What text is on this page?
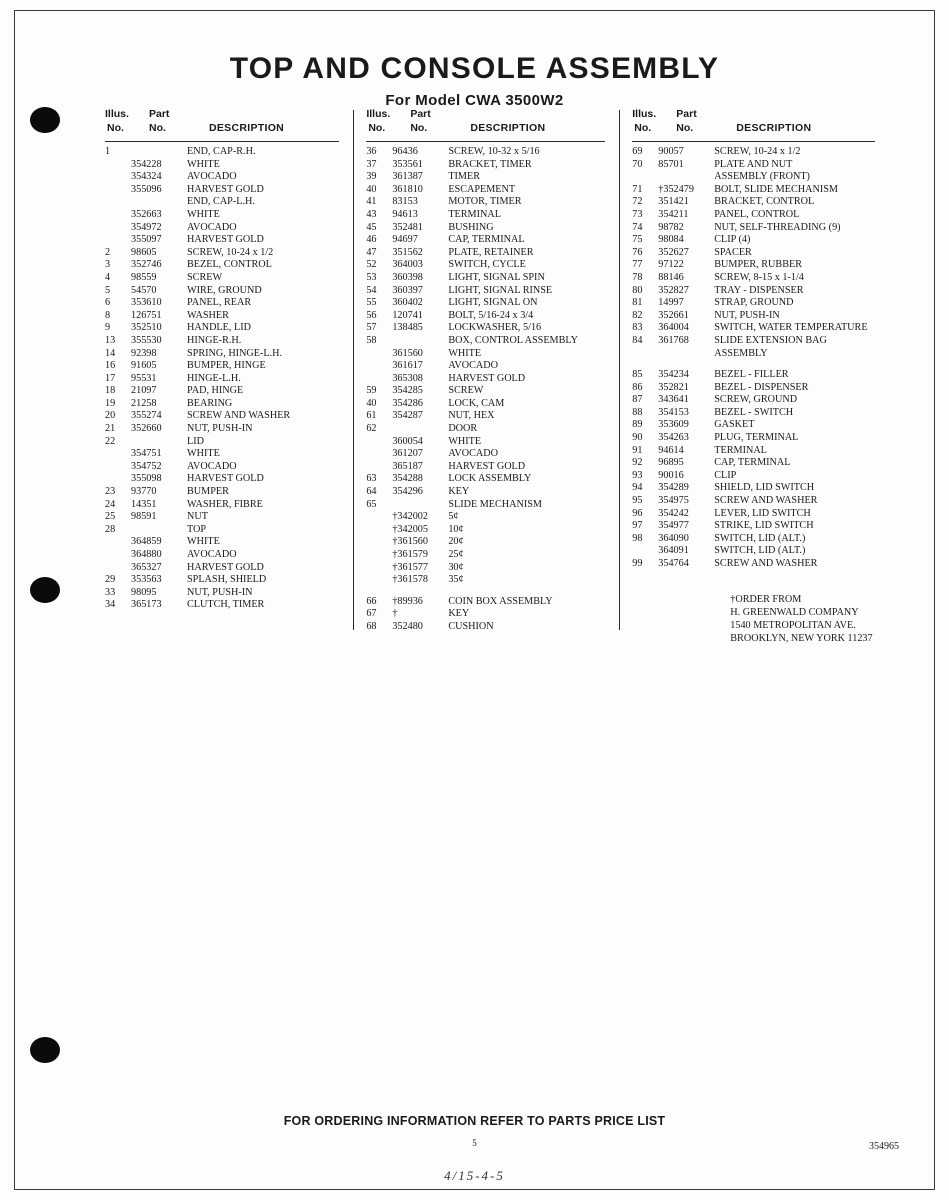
TOP AND CONSOLE ASSEMBLY
For Model CWA 3500W2
Illus. Part
No. No.	DESCRIPTION
1		END, CAP-R.H.
	354228	WHITE
	354324	AVOCADO
	355096	HARVEST GOLD
		END, CAP-L.H.
	352663	WHITE
	354972	AVOCADO
	355097	HARVEST GOLD
2	98605	SCREW, 10-24 x 1/2
3	352746	BEZEL, CONTROL
4	98559	SCREW
5	54570	WIRE, GROUND
6	353610	PANEL, REAR
8	126751	WASHER
9	352510	HANDLE, LID
13	355530	HINGE-R.H.
14	92398	SPRING, HINGE-L.H.
16	91605	BUMPER, HINGE
17	95531	HINGE-L.H.
18	21097	PAD, HINGE
19	21258	BEARING
20	355274	SCREW AND WASHER
21	352660	NUT, PUSH-IN
22		LID
	354751	WHITE
	354752	AVOCADO
	355098	HARVEST GOLD
23	93770	BUMPER
24	14351	WASHER, FIBRE
25	98591	NUT
28		TOP
	364859	WHITE
	364880	AVOCADO
	365327	HARVEST GOLD
29	353563	SPLASH, SHIELD
33	98095	NUT, PUSH-IN
34	365173	CLUTCH, TIMER
Illus. Part
No. No.	DESCRIPTION
36	96436	SCREW, 10-32 x 5/16
37	353561	BRACKET, TIMER
39	361387	TIMER
40	361810	ESCAPEMENT
41	83153	MOTOR, TIMER
43	94613	TERMINAL
45	352481	BUSHING
46	94697	CAP, TERMINAL
47	351562	PLATE, RETAINER
52	364003	SWITCH, CYCLE
53	360398	LIGHT, SIGNAL SPIN
54	360397	LIGHT, SIGNAL RINSE
55	360402	LIGHT, SIGNAL ON
56	120741	BOLT, 5/16-24 x 3/4
57	138485	LOCKWASHER, 5/16
58		BOX, CONTROL ASSEMBLY
	361560	WHITE
	361617	AVOCADO
	365308	HARVEST GOLD
59	354285	SCREW
40	354286	LOCK, CAM
61	354287	NUT, HEX
62		DOOR
	360054	WHITE
	361207	AVOCADO
	365187	HARVEST GOLD
63	354288	LOCK ASSEMBLY
64	354296	KEY
65		SLIDE MECHANISM
	†342002	5¢
	†342005	10¢
	†361560	20¢
	†361579	25¢
	†361577	30¢
	†361578	35¢

66	†89936	COIN BOX ASSEMBLY
67	†	KEY
68	352480	CUSHION
Illus. Part
No. No.	DESCRIPTION
69	90057	SCREW, 10-24 x 1/2
70	85701	PLATE AND NUT
		ASSEMBLY (FRONT)
71	†352479	BOLT, SLIDE MECHANISM
72	351421	BRACKET, CONTROL
73	354211	PANEL, CONTROL
74	98782	NUT, SELF-THREADING (9)
75	98084	CLIP (4)
76	352627	SPACER
77	97122	BUMPER, RUBBER
78	88146	SCREW, 8-15 x 1-1/4
80	352827	TRAY - DISPENSER
81	14997	STRAP, GROUND
82	352661	NUT, PUSH-IN
83	364004	SWITCH, WATER TEMPERATURE
84	361768	SLIDE EXTENSION BAG
		ASSEMBLY

85	354234	BEZEL - FILLER
86	352821	BEZEL - DISPENSER
87	343641	SCREW, GROUND
88	354153	BEZEL - SWITCH
89	353609	GASKET
90	354263	PLUG, TERMINAL
91	94614	TERMINAL
92	96895	CAP, TERMINAL
93	90016	CLIP
94	354289	SHIELD, LID SWITCH
95	354975	SCREW AND WASHER
96	354242	LEVER, LID SWITCH
97	354977	STRIKE, LID SWITCH
98	364090	SWITCH, LID (ALT.)
	364091	SWITCH, LID (ALT.)
99	354764	SCREW AND WASHER
†ORDER FROM
H. GREENWALD COMPANY
1540 METROPOLITAN AVE.
BROOKLYN, NEW YORK 11237
FOR ORDERING INFORMATION REFER TO PARTS PRICE LIST
5	354965
4/15-4-5
